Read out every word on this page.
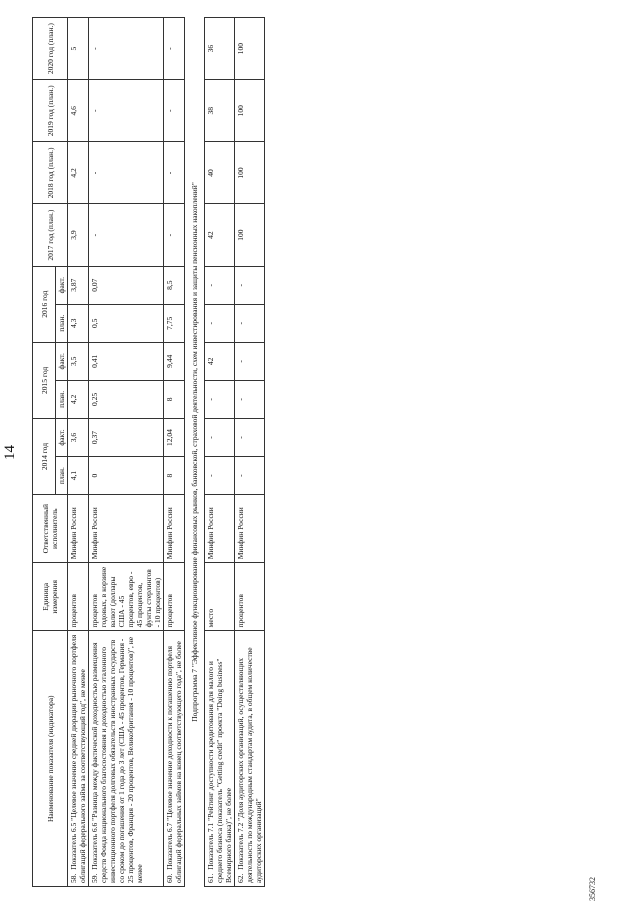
14
Наименование показателя (индикатора)	Единица измерения	Ответственный исполнитель	2014 год		2015 год		2016 год		2017 год (план.)	2018 год (план.)	2019 год (план.)	2020 год (план.)
			план.	факт.	план.	факт.	план.	факт.				
58.  Показатель 6.5 "Целевое значение средней дюрации рыночного портфеля облигаций федерального займа за соответствующий год", не менее	процентов	Минфин России	4,1	3,6	4,2	3,5	4,3	3,87	3,9	4,2	4,6	5
59.  Показатель 6.6 "Разница между фактической доходностью размещения средств Фонда национального благосостояния и доходностью эталонного инвестиционного портфеля долговых обязательств иностранных государств со сроком до погашения от 1 года до 3 лет (США - 45 процентов, Германия - 25 процентов, Франция - 20 процентов, Великобритания - 10 процентов)", не менее	процентов годовых, в корзине валют (доллары США - 45 процентов, евро - 45 процентов, фунты стерлингов - 10 процентов)	Минфин России	0	0,37	0,25	0,41	0,5	0,07	-	-	-	-
60.  Показатель 6.7 "Целевое значение доходности к погашению портфеля облигаций федеральных займов на конец соответствующего года", не более	процентов	Минфин России	8	12,04	8	9,44	7,75	8,5	-	-	-	-
Подпрограмма 7 "Эффективное функционирование финансовых рынков, банковской, страховой деятельности, схем инвестирования и защиты пенсионных накоплений"												
61.  Показатель 7.1 "Рейтинг доступности кредитования для малого и среднего бизнеса (показатель "Getting credit" проекта "Doing business" Всемирного банка)", не более	место	Минфин России	-	-	-	42	-	-	42	40	38	36
62.  Показатель 7.2 "Доля аудиторских организаций, осуществляющих деятельность по международным стандартам аудита, в общем количестве аудиторских организаций"	процентов	Минфин России	-	-	-	-	-	-	100	100	100	100
356732
